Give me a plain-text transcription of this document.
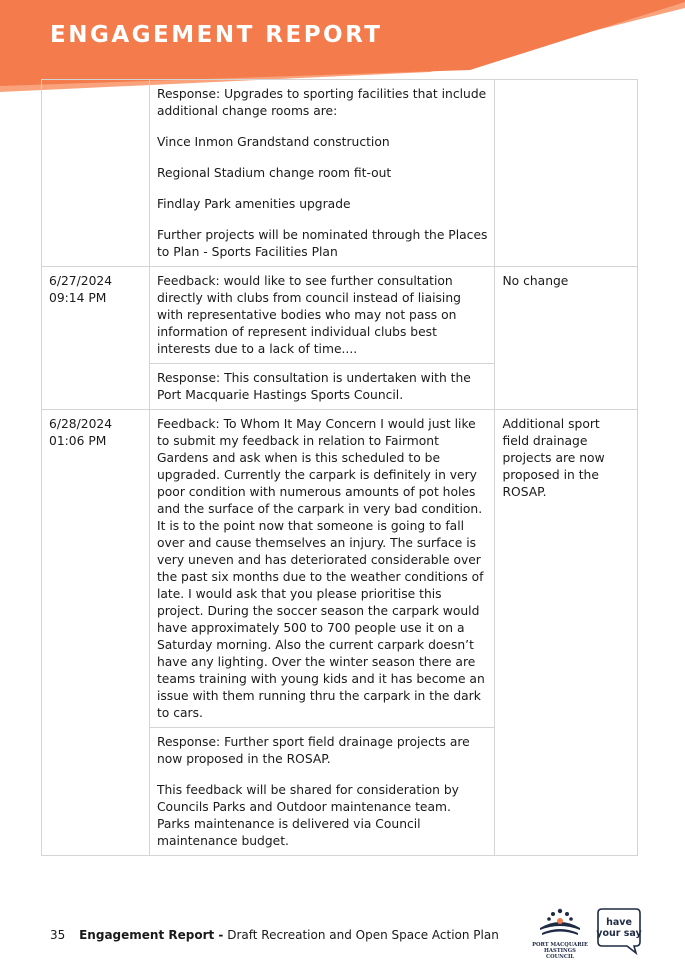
ENGAGEMENT REPORT

	Response: Upgrades to sporting facilities that include additional change rooms are:

Vince Inmon Grandstand construction

Regional Stadium change room fit-out

Findlay Park amenities upgrade

Further projects will be nominated through the Places to Plan - Sports Facilities Plan	

6/27/2024 09:14 PM	Feedback: would like to see further consultation directly with clubs from council instead of liaising with representative bodies who may not pass on information of represent individual clubs best interests due to a lack of time....	No change
	Response: This consultation is undertaken with the Port Macquarie Hastings Sports Council.	
6/28/2024 01:06 PM	Feedback: To Whom It May Concern I would just like to submit my feedback in relation to Fairmont Gardens and ask when is this scheduled to be upgraded. Currently the carpark is definitely in very poor condition with numerous amounts of pot holes and the surface of the carpark in very bad condition. It is to the point now that someone is going to fall over and cause themselves an injury. The surface is very uneven and has deteriorated considerable over the past six months due to the weather conditions of late. I would ask that you please prioritise this project. During the soccer season the carpark would have approximately 500 to 700 people use it on a Saturday morning. Also the current carpark doesn’t have any lighting. Over the winter season there are teams training with young kids and it has become an issue with them running thru the carpark in the dark to cars.	Additional sport field drainage projects are now proposed in the ROSAP.

	Response: Further sport field drainage projects are now proposed in the ROSAP.

This feedback will be shared for consideration by Councils Parks and Outdoor maintenance team. Parks maintenance is delivered via Council maintenance budget.	

35 Engagement Report - Draft Recreation and Open Space Action Plan
PORT MACQUARIE
HASTINGS COUNCIL
have
your say
